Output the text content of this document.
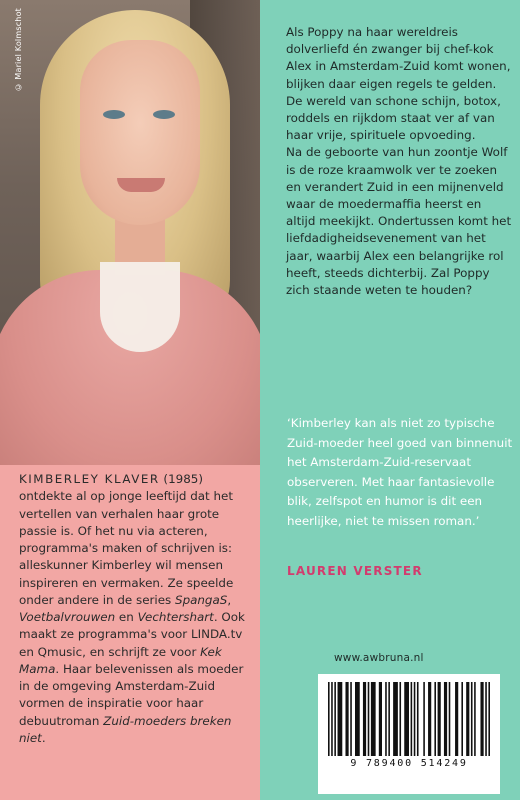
© Mariel Kolmschot

KIMBERLEY KLAVER (1985) ontdekte al op jonge leeftijd dat het vertellen van verhalen haar grote passie is. Of het nu via acteren, programma's maken of schrijven is: alleskunner Kimberley wil mensen inspireren en vermaken. Ze speelde onder andere in de series SpangaS, Voetbalvrouwen en Vechtershart. Ook maakt ze programma's voor LINDA.tv en Qmusic, en schrijft ze voor Kek Mama. Haar belevenissen als moeder in de omgeving Amsterdam-Zuid vormen de inspiratie voor haar debuutroman Zuid-moeders breken niet.

Als Poppy na haar wereldreis dolverliefd én zwanger bij chef-kok Alex in Amsterdam-Zuid komt wonen, blijken daar eigen regels te gelden. De wereld van schone schijn, botox, roddels en rijkdom staat ver af van haar vrije, spirituele opvoeding.

Na de geboorte van hun zoontje Wolf is de roze kraamwolk ver te zoeken en verandert Zuid in een mijnenveld waar de moedermaffia heerst en altijd meekijkt. Ondertussen komt het liefdadigheidsevenement van het jaar, waarbij Alex een belangrijke rol heeft, steeds dichterbij. Zal Poppy zich staande weten te houden?

‘Kimberley kan als niet zo typische Zuid-moeder heel goed van binnenuit het Amsterdam-Zuid-reservaat observeren. Met haar fantasievolle blik, zelfspot en humor is dit een heerlijke, niet te missen roman.’

LAUREN VERSTER
www.awbruna.nl
9 789400 514249
